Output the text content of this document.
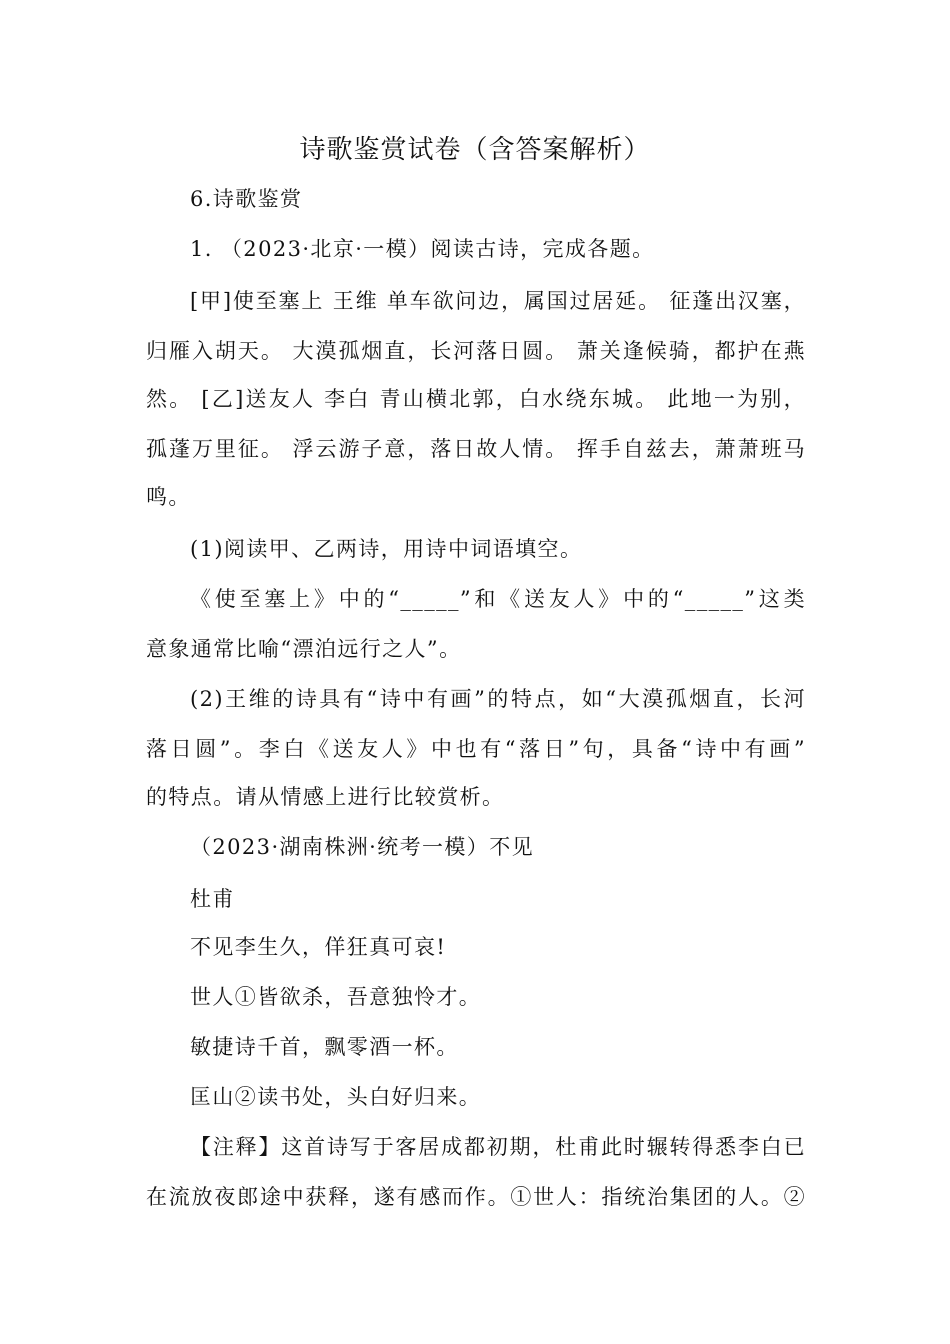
诗歌鉴赏试卷（含答案解析）
6.诗歌鉴赏
1. （2023·北京·一模）阅读古诗，完成各题。
[甲]使至塞上 王维 单车欲问边，属国过居延。 征蓬出汉塞，
归雁入胡天。 大漠孤烟直，长河落日圆。 萧关逢候骑，都护在燕
然。 [乙]送友人 李白 青山横北郭，白水绕东城。 此地一为别，
孤蓬万里征。 浮云游子意，落日故人情。 挥手自兹去，萧萧班马
鸣。
(1)阅读甲、乙两诗，用诗中词语填空。
《使至塞上》中的“_____”和《送友人》中的“_____”这类
意象通常比喻“漂泊远行之人”。
(2)王维的诗具有“诗中有画”的特点，如“大漠孤烟直，长河
落日圆”。李白《送友人》中也有“落日”句，具备“诗中有画”
的特点。请从情感上进行比较赏析。
（2023·湖南株洲·统考一模）不见
杜甫
不见李生久，佯狂真可哀!
世人①皆欲杀，吾意独怜才。
敏捷诗千首，飘零酒一杯。
匡山②读书处，头白好归来。
【注释】这首诗写于客居成都初期，杜甫此时辗转得悉李白已
在流放夜郎途中获释，遂有感而作。①世人：指统治集团的人。②
